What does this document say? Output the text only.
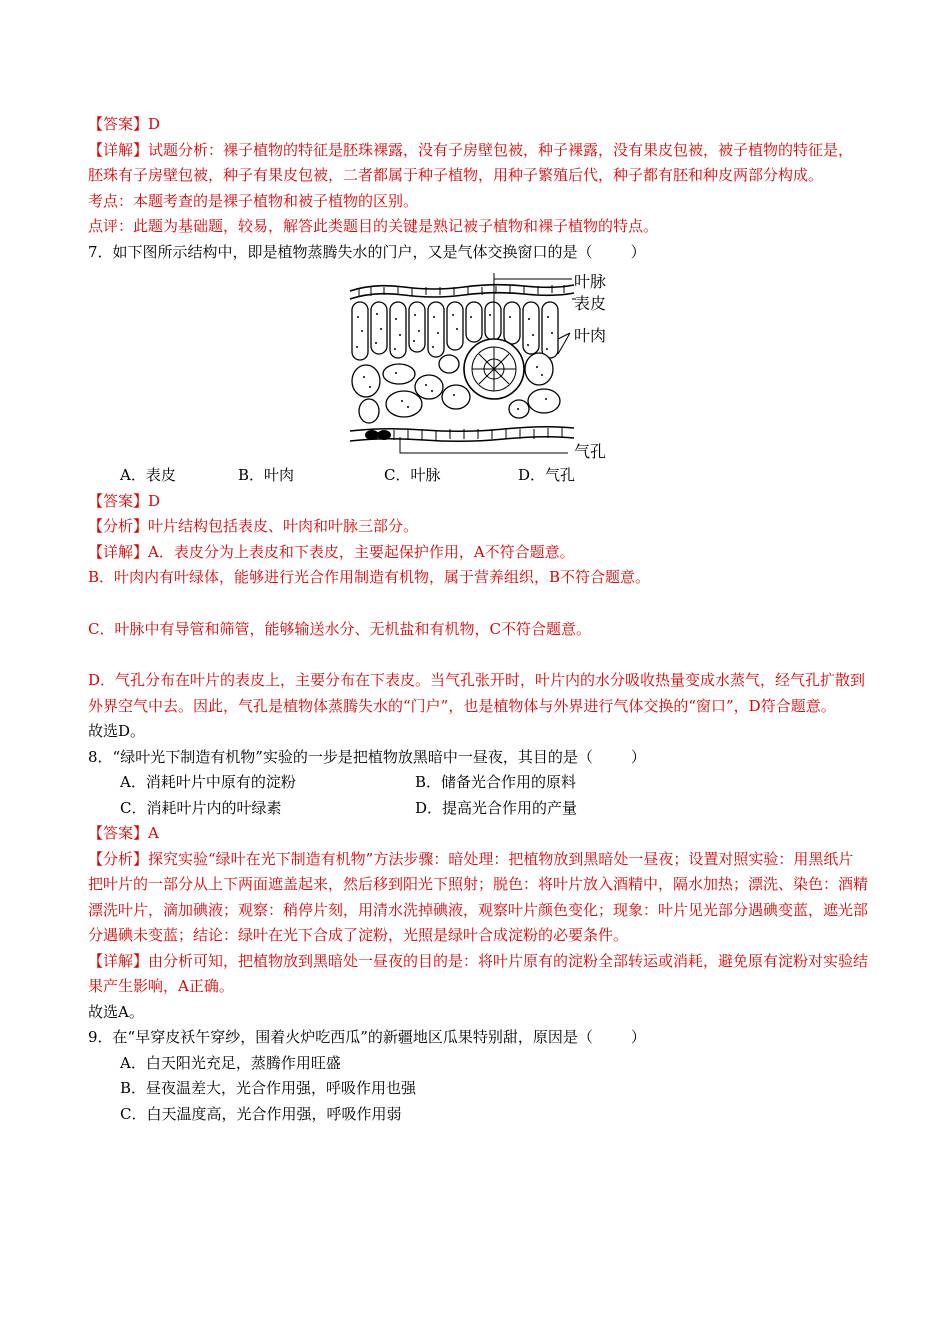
【答案】D
【详解】试题分析：裸子植物的特征是胚珠裸露，没有子房壁包被，种子裸露，没有果皮包被，被子植物的特征是，胚珠有子房壁包被，种子有果皮包被，二者都属于种子植物，用种子繁殖后代，种子都有胚和种皮两部分构成。
考点：本题考查的是裸子植物和被子植物的区别。
点评：此题为基础题，较易，解答此类题目的关键是熟记被子植物和裸子植物的特点。
7．如下图所示结构中，即是植物蒸腾失水的门户，又是气体交换窗口的是（	）
叶脉
表皮
叶肉
气孔
A．表皮	B．叶肉	C．叶脉	D．气孔
【答案】D
【分析】叶片结构包括表皮、叶肉和叶脉三部分。
【详解】A．表皮分为上表皮和下表皮，主要起保护作用，A不符合题意。
B．叶肉内有叶绿体，能够进行光合作用制造有机物，属于营养组织，B不符合题意。
C．叶脉中有导管和筛管，能够输送水分、无机盐和有机物，C不符合题意。
D．气孔分布在叶片的表皮上，主要分布在下表皮。当气孔张开时，叶片内的水分吸收热量变成水蒸气，经气孔扩散到外界空气中去。因此，气孔是植物体蒸腾失水的“门户”，也是植物体与外界进行气体交换的“窗口”，D符合题意。
故选D。
8．“绿叶光下制造有机物”实验的一步是把植物放黑暗中一昼夜，其目的是（	）
A．消耗叶片中原有的淀粉	B．储备光合作用的原料
C．消耗叶片内的叶绿素	D．提高光合作用的产量
【答案】A
【分析】探究实验“绿叶在光下制造有机物”方法步骤：暗处理：把植物放到黑暗处一昼夜；设置对照实验：用黑纸片把叶片的一部分从上下两面遮盖起来，然后移到阳光下照射；脱色：将叶片放入酒精中，隔水加热；漂洗、染色：酒精漂洗叶片，滴加碘液；观察：稍停片刻，用清水洗掉碘液，观察叶片颜色变化；现象：叶片见光部分遇碘变蓝，遮光部分遇碘未变蓝；结论：绿叶在光下合成了淀粉，光照是绿叶合成淀粉的必要条件。
【详解】由分析可知，把植物放到黑暗处一昼夜的目的是：将叶片原有的淀粉全部转运或消耗，避免原有淀粉对实验结果产生影响，A正确。
故选A。
9．在“早穿皮袄午穿纱，围着火炉吃西瓜”的新疆地区瓜果特别甜，原因是（	）
A．白天阳光充足，蒸腾作用旺盛
B．昼夜温差大，光合作用强，呼吸作用也强
C．白天温度高，光合作用强，呼吸作用弱
